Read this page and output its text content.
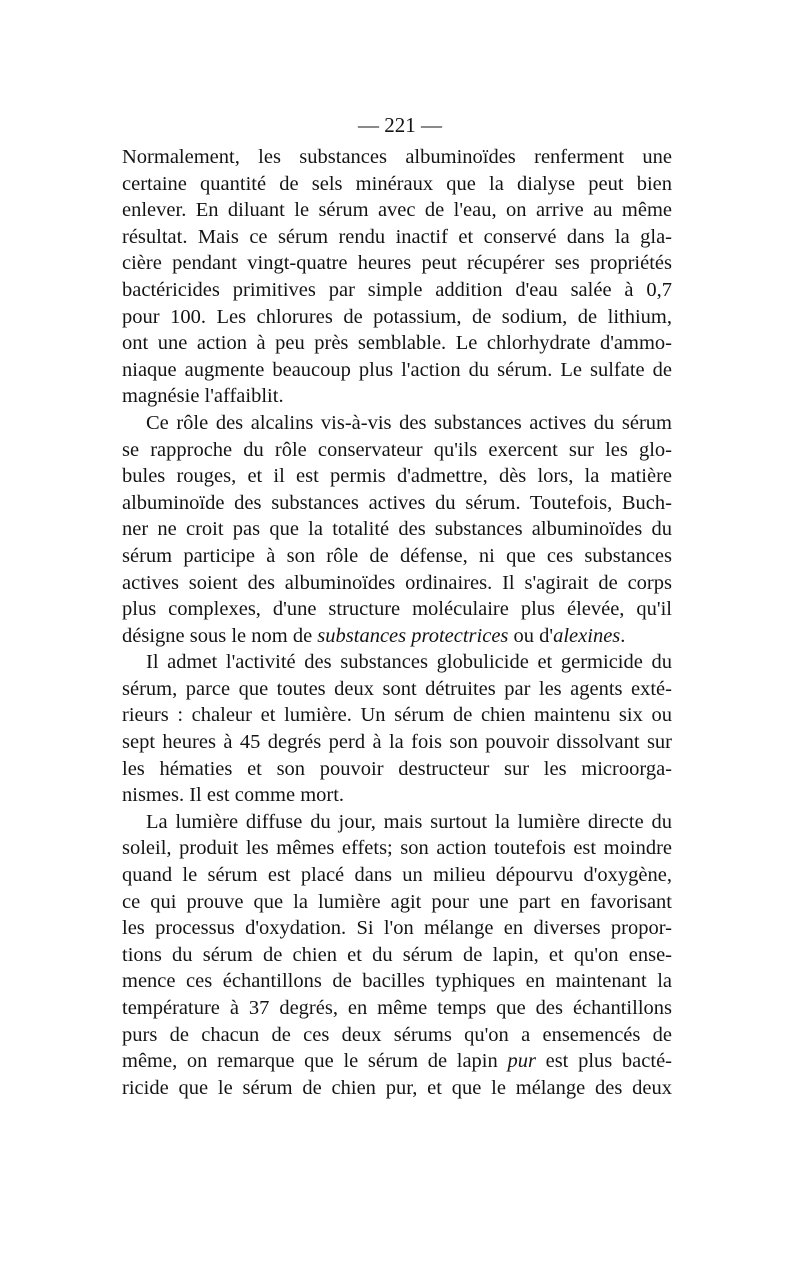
— 221 —
Normalement, les substances albuminoïdes renferment une
certaine quantité de sels minéraux que la dialyse peut bien
enlever. En diluant le sérum avec de l'eau, on arrive au même
résultat. Mais ce sérum rendu inactif et conservé dans la gla-
cière pendant vingt-quatre heures peut récupérer ses propriétés
bactéricides primitives par simple addition d'eau salée à 0,7
pour 100. Les chlorures de potassium, de sodium, de lithium,
ont une action à peu près semblable. Le chlorhydrate d'ammo-
niaque augmente beaucoup plus l'action du sérum. Le sulfate de
magnésie l'affaiblit.
Ce rôle des alcalins vis-à-vis des substances actives du sérum
se rapproche du rôle conservateur qu'ils exercent sur les glo-
bules rouges, et il est permis d'admettre, dès lors, la matière
albuminoïde des substances actives du sérum. Toutefois, Buch-
ner ne croit pas que la totalité des substances albuminoïdes du
sérum participe à son rôle de défense, ni que ces substances
actives soient des albuminoïdes ordinaires. Il s'agirait de corps
plus complexes, d'une structure moléculaire plus élevée, qu'il
désigne sous le nom de substances protectrices ou d'alexines.
Il admet l'activité des substances globulicide et germicide du
sérum, parce que toutes deux sont détruites par les agents exté-
rieurs : chaleur et lumière. Un sérum de chien maintenu six ou
sept heures à 45 degrés perd à la fois son pouvoir dissolvant sur
les hématies et son pouvoir destructeur sur les microorga-
nismes. Il est comme mort.
La lumière diffuse du jour, mais surtout la lumière directe du
soleil, produit les mêmes effets; son action toutefois est moindre
quand le sérum est placé dans un milieu dépourvu d'oxygène,
ce qui prouve que la lumière agit pour une part en favorisant
les processus d'oxydation. Si l'on mélange en diverses propor-
tions du sérum de chien et du sérum de lapin, et qu'on ense-
mence ces échantillons de bacilles typhiques en maintenant la
température à 37 degrés, en même temps que des échantillons
purs de chacun de ces deux sérums qu'on a ensemencés de
même, on remarque que le sérum de lapin pur est plus bacté-
ricide que le sérum de chien pur, et que le mélange des deux
